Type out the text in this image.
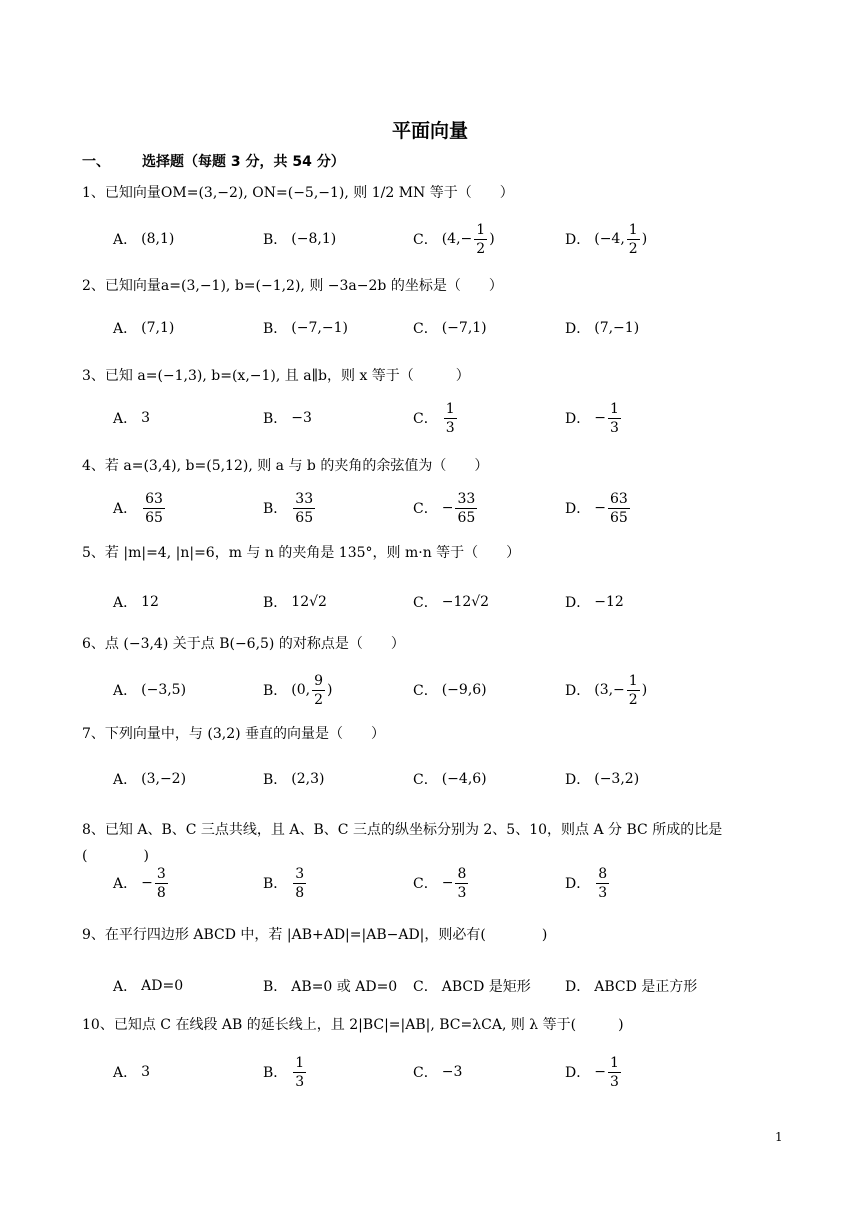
平面向量
一、 选择题（每题 3 分，共 54 分）
1、已知向量OM=(3,−2), ON=(−5,−1), 则 1/2 MN 等于（　　）
A． (8,1)	B． (−8,1)	C． ($4,- \frac{1}{2}$ )	D． (−4, $\frac{1}{2}$ )
2、已知向量a=(3,−1), b=(−1,2), 则 −3a−2b 的坐标是（　　）
A． (7,1)	B． (−7,−1)	C． (−7,1)	D． (7,−1)
3、已知 a=(−1,3), b=(x,−1), 且 a∥b，则 x 等于（　　　）
A． 3	B． −3	C． $\frac{1}{3}$	D． − $\frac{1}{3}$
4、若 a=(3,4), b=(5,12), 则 a 与 b 的夹角的余弦值为（　　）
A． $\frac{63}{65}$	B． $\frac{33}{65}$	C． − $\frac{33}{65}$	D． − $\frac{63}{65}$
5、若 |m|=4, |n|=6，m 与 n 的夹角是 135°，则 m·n 等于（　　）
A． 12	B． 12√2	C． −12√2	D． −12
6、点 (−3,4) 关于点 B(−6,5) 的对称点是（　　）
A． (−3,5)	B． (0, $\frac{9}{2}$ )	C． (−9,6)	D． ($3,- \frac{1}{2}$ )
7、下列向量中，与 (3,2) 垂直的向量是（　　）
A． (3,−2)	B． (2,3)	C． (−4,6)	D． (−3,2)
8、已知 A、B、C 三点共线，且 A、B、C 三点的纵坐标分别为 2、5、10，则点 A 分 BC 所成的比是(　　　　)
A． − $\frac{3}{8}$	B． $\frac{3}{8}$	C． − $\frac{8}{3}$	D． $\frac{8}{3}$
9、在平行四边形 ABCD 中，若 |AB+AD|=|AB−AD|，则必有(　　　　)
A． AD=0	B． AB=0 或 AD=0 C． ABCD 是矩形 D． ABCD 是正方形
10、已知点 C 在线段 AB 的延长线上，且 2|BC|=|AB|, BC=λCA, 则 λ 等于(　　　)
A． 3	B． $\frac{1}{3}$	C． −3	D． − $\frac{1}{3}$
1
